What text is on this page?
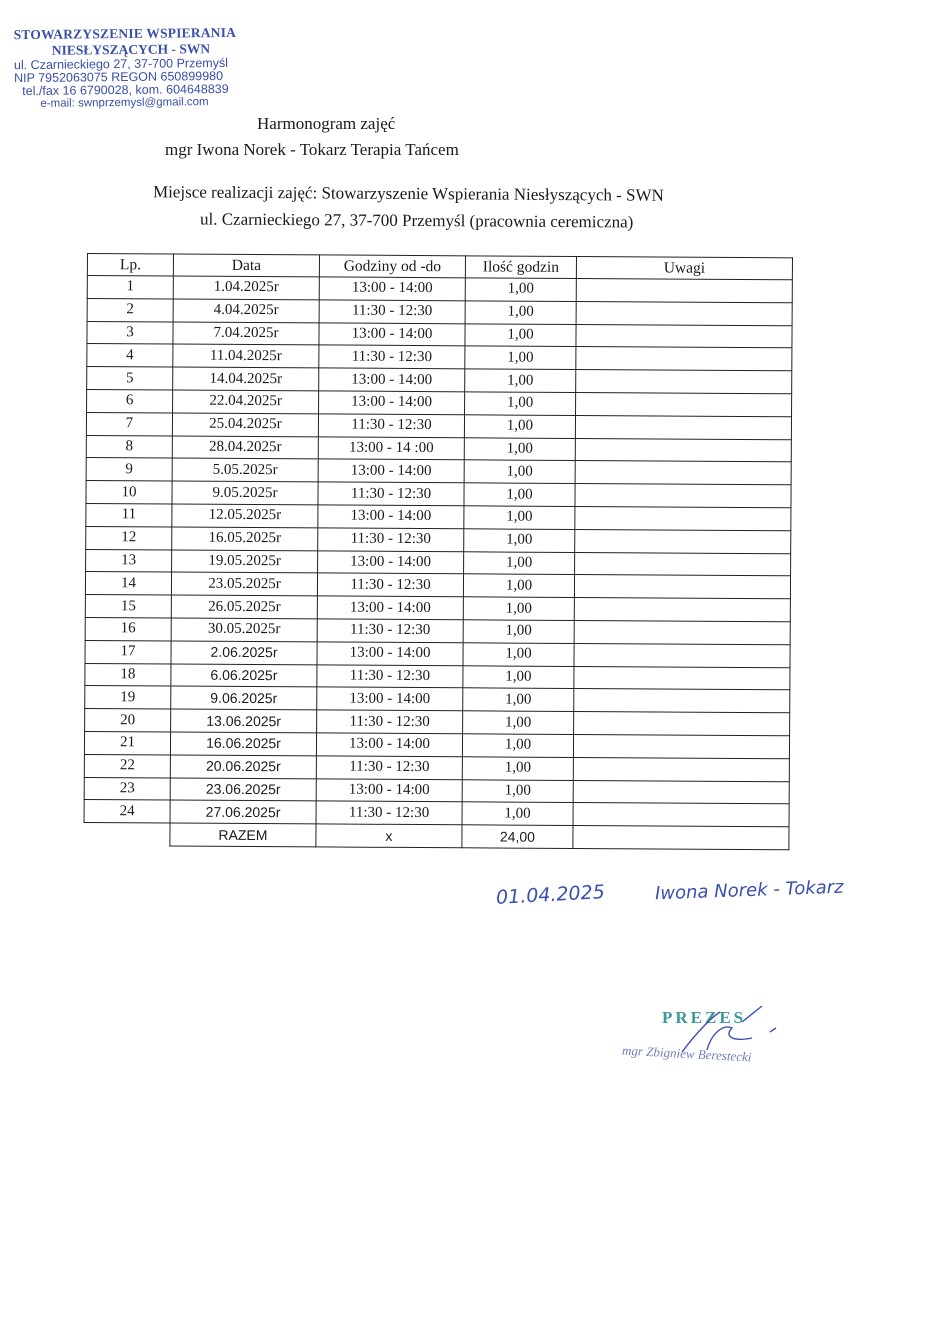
STOWARZYSZENIE WSPIERANIA
NIESŁYSZĄCYCH - SWN
ul. Czarnieckiego 27, 37-700 Przemyśl
NIP 7952063075 REGON 650899980
tel./fax 16 6790028, kom. 604648839
e-mail: swnprzemysl@gmail.com
Harmonogram zajęć
mgr Iwona Norek - Tokarz Terapia Tańcem
Miejsce realizacji zajęć: Stowarzyszenie Wspierania Niesłyszących - SWN
ul. Czarnieckiego 27, 37-700 Przemyśl (pracownia ceremiczna)
Lp.	Data	Godziny od -do	Ilość godzin	Uwagi
1	1.04.2025r	13:00 - 14:00	1,00	
2	4.04.2025r	11:30 - 12:30	1,00	
3	7.04.2025r	13:00 - 14:00	1,00	
4	11.04.2025r	11:30 - 12:30	1,00	
5	14.04.2025r	13:00 - 14:00	1,00	
6	22.04.2025r	13:00 - 14:00	1,00	
7	25.04.2025r	11:30 - 12:30	1,00	
8	28.04.2025r	13:00 - 14 :00	1,00	
9	5.05.2025r	13:00 - 14:00	1,00	
10	9.05.2025r	11:30 - 12:30	1,00	
11	12.05.2025r	13:00 - 14:00	1,00	
12	16.05.2025r	11:30 - 12:30	1,00	
13	19.05.2025r	13:00 - 14:00	1,00	
14	23.05.2025r	11:30 - 12:30	1,00	
15	26.05.2025r	13:00 - 14:00	1,00	
16	30.05.2025r	11:30 - 12:30	1,00	
17	2.06.2025r	13:00 - 14:00	1,00	
18	6.06.2025r	11:30 - 12:30	1,00	
19	9.06.2025r	13:00 - 14:00	1,00	
20	13.06.2025r	11:30 - 12:30	1,00	
21	16.06.2025r	13:00 - 14:00	1,00	
22	20.06.2025r	11:30 - 12:30	1,00	
23	23.06.2025r	13:00 - 14:00	1,00	
24	27.06.2025r	11:30 - 12:30	1,00	
	RAZEM	x	24,00	
01.04.2025	Iwona Norek - Tokarz
PREZES
mgr Zbigniew Berestecki
